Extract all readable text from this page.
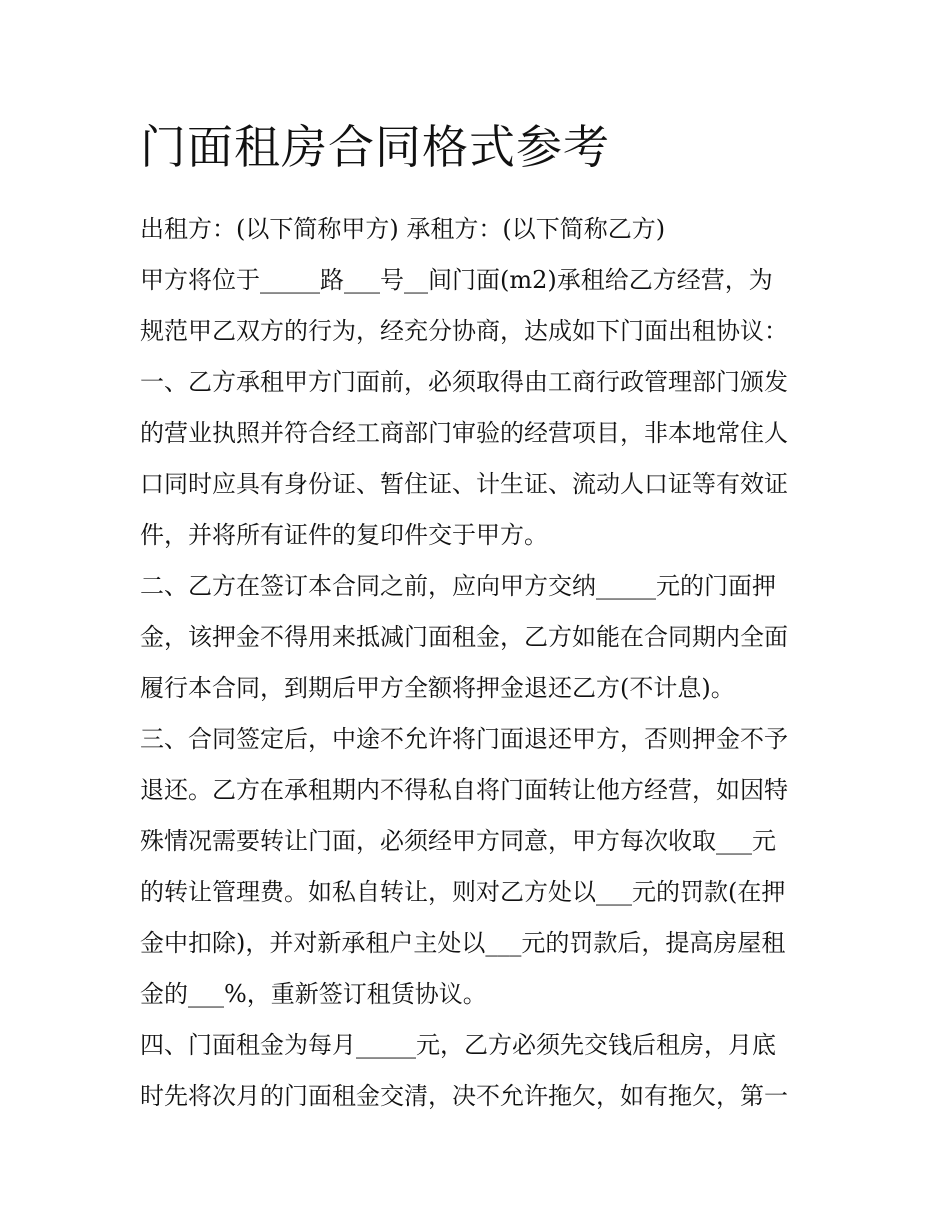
门面租房合同格式参考

出租方：(以下简称甲方) 承租方：(以下简称乙方)

甲方将位于_____路___号__间门面(m2)承租给乙方经营，为

规范甲乙双方的行为，经充分协商，达成如下门面出租协议：

一、乙方承租甲方门面前，必须取得由工商行政管理部门颁发

的营业执照并符合经工商部门审验的经营项目，非本地常住人

口同时应具有身份证、暂住证、计生证、流动人口证等有效证

件，并将所有证件的复印件交于甲方。

二、乙方在签订本合同之前，应向甲方交纳_____元的门面押

金，该押金不得用来抵减门面租金，乙方如能在合同期内全面

履行本合同，到期后甲方全额将押金退还乙方(不计息)。

三、合同签定后，中途不允许将门面退还甲方，否则押金不予

退还。乙方在承租期内不得私自将门面转让他方经营，如因特

殊情况需要转让门面，必须经甲方同意，甲方每次收取___元

的转让管理费。如私自转让，则对乙方处以___元的罚款(在押

金中扣除)，并对新承租户主处以___元的罚款后，提高房屋租

金的___%，重新签订租赁协议。

四、门面租金为每月_____元，乙方必须先交钱后租房，月底

时先将次月的门面租金交清，决不允许拖欠，如有拖欠，第一
